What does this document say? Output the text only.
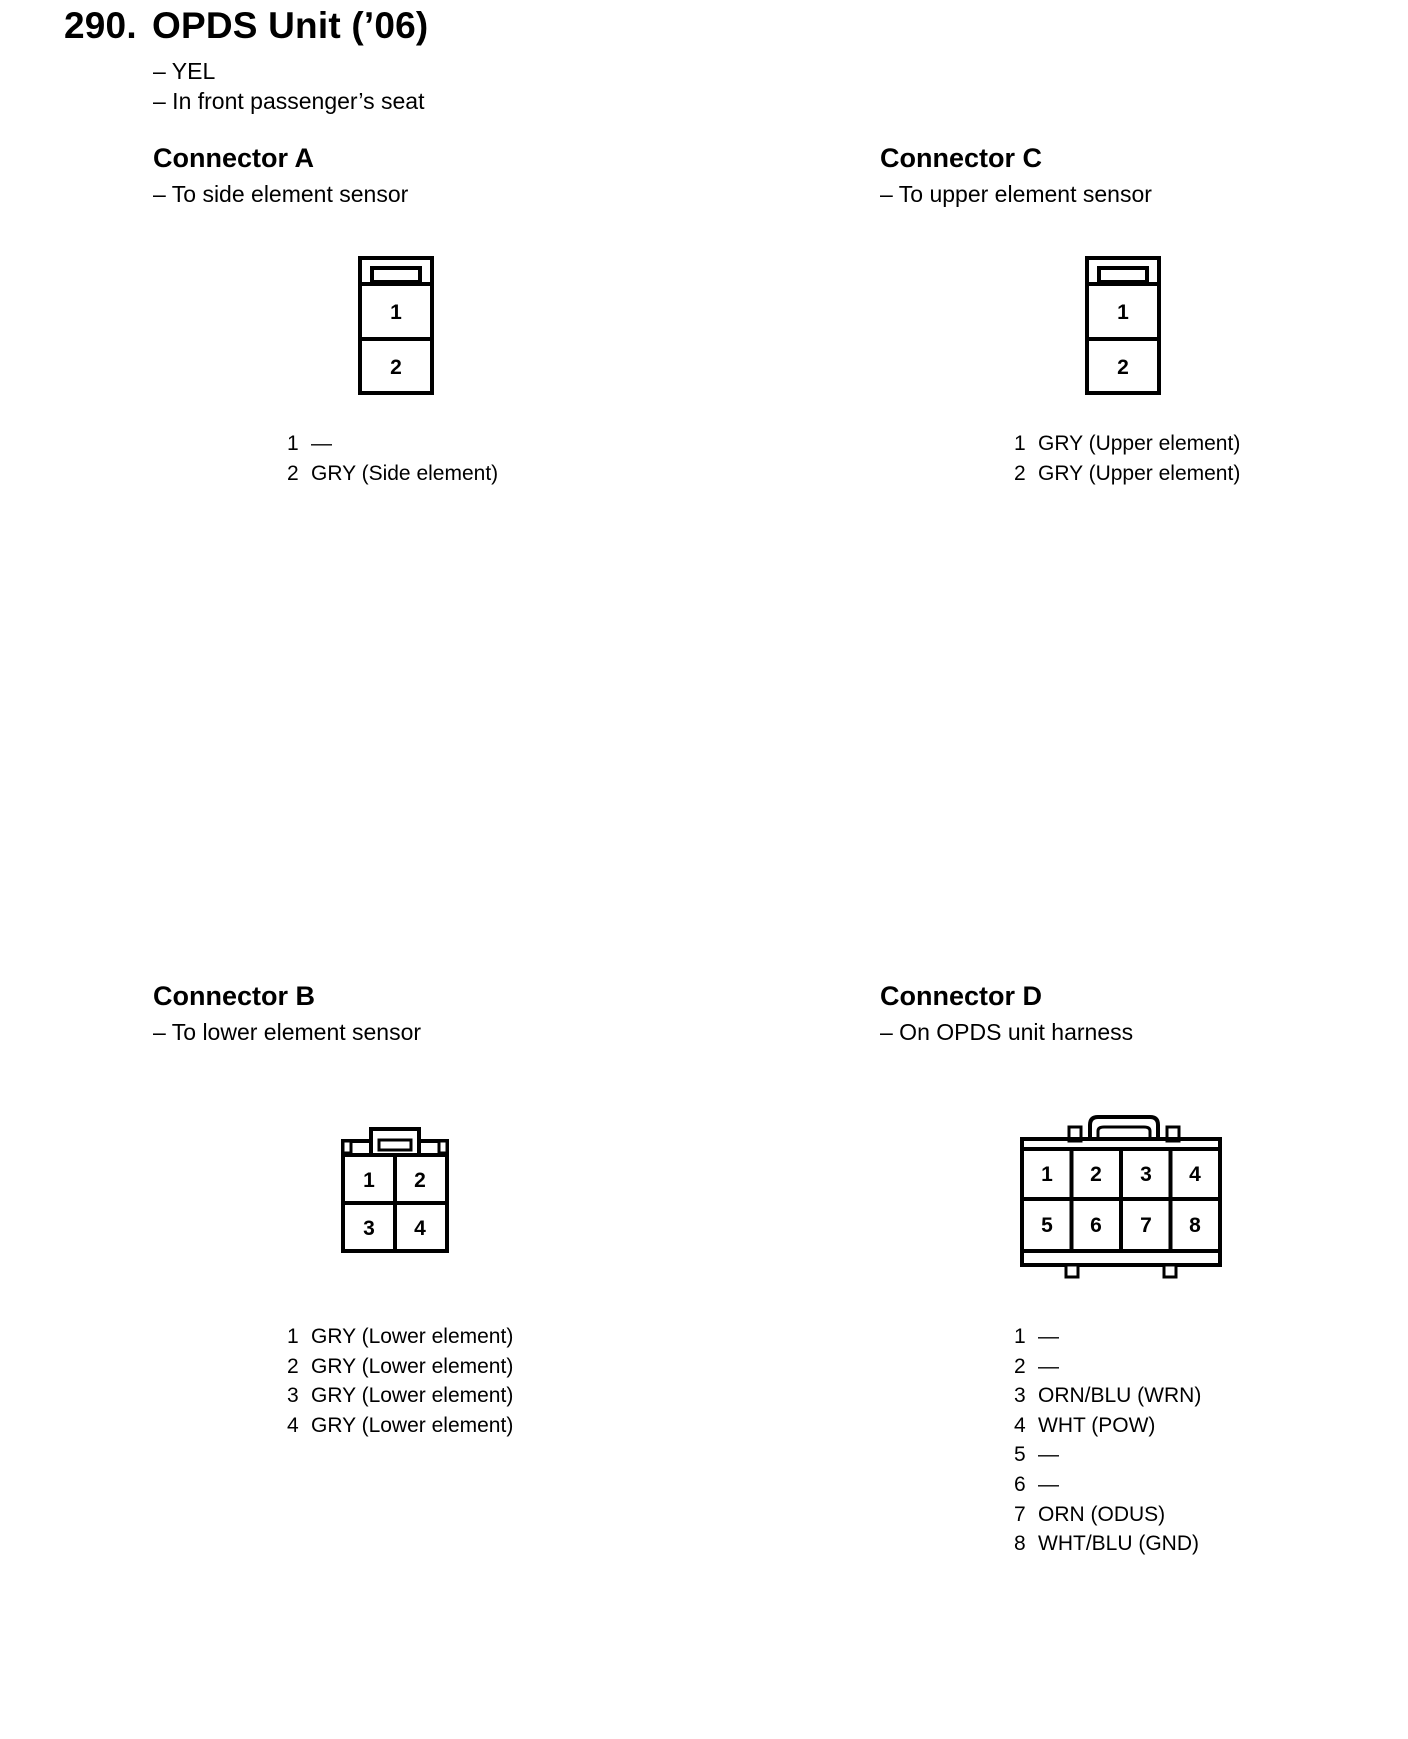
290. OPDS Unit (’06)
– YEL
– In front passenger’s seat
Connector A
– To side element sensor
1
2
1 —
2 GRY (Side element)
Connector C
– To upper element sensor
1
2
1 GRY (Upper element)
2 GRY (Upper element)
Connector B
– To lower element sensor
1 2
3 4
1 GRY (Lower element)
2 GRY (Lower element)
3 GRY (Lower element)
4 GRY (Lower element)
Connector D
– On OPDS unit harness
1 2 3 4
5 6 7 8
1 —
2 —
3 ORN/BLU (WRN)
4 WHT (POW)
5 —
6 —
7 ORN (ODUS)
8 WHT/BLU (GND)
